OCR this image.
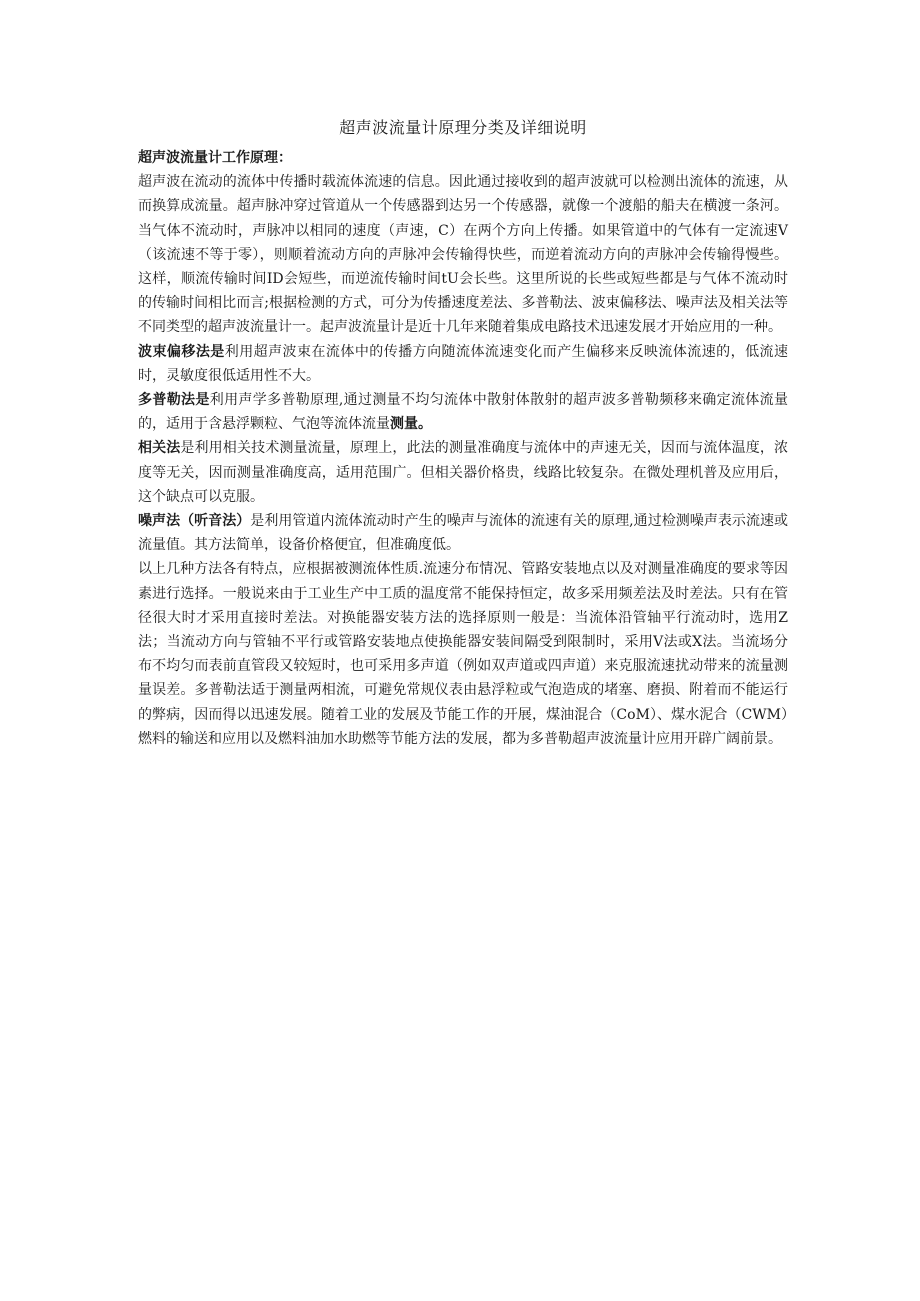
超声波流量计原理分类及详细说明

超声波流量计工作原理：

超声波在流动的流体中传播时载流体流速的信息。因此通过接收到的超声波就可以检测出流体的流速，从而换算成流量。超声脉冲穿过管道从一个传感器到达另一个传感器，就像一个渡船的船夫在横渡一条河。当气体不流动时，声脉冲以相同的速度（声速，C）在两个方向上传播。如果管道中的气体有一定流速V（该流速不等于零），则顺着流动方向的声脉冲会传输得快些，而逆着流动方向的声脉冲会传输得慢些。这样，顺流传输时间ID会短些，而逆流传输时间tU会长些。这里所说的长些或短些都是与气体不流动时的传输时间相比而言;根据检测的方式，可分为传播速度差法、多普勒法、波束偏移法、噪声法及相关法等不同类型的超声波流量计一。起声波流量计是近十几年来随着集成电路技术迅速发展才开始应用的一种。

波束偏移法是利用超声波束在流体中的传播方向随流体流速变化而产生偏移来反映流体流速的，低流速时，灵敏度很低适用性不大。

多普勒法是利用声学多普勒原理,通过测量不均匀流体中散射体散射的超声波多普勒频移来确定流体流量的，适用于含悬浮颗粒、气泡等流体流量测量。

相关法是利用相关技术测量流量，原理上，此法的测量准确度与流体中的声速无关，因而与流体温度，浓度等无关，因而测量准确度高，适用范围广。但相关器价格贵，线路比较复杂。在微处理机普及应用后，这个缺点可以克服。

噪声法（听音法）是利用管道内流体流动时产生的噪声与流体的流速有关的原理,通过检测噪声表示流速或流量值。其方法简单，设备价格便宜，但准确度低。

以上几种方法各有特点，应根据被测流体性质.流速分布情况、管路安装地点以及对测量准确度的要求等因素进行选择。一般说来由于工业生产中工质的温度常不能保持恒定，故多采用频差法及时差法。只有在管径很大时才采用直接时差法。对换能器安装方法的选择原则一般是：当流体沿管轴平行流动时，选用Z法；当流动方向与管轴不平行或管路安装地点使换能器安装间隔受到限制时，采用V法或X法。当流场分布不均匀而表前直管段又较短时，也可采用多声道（例如双声道或四声道）来克服流速扰动带来的流量测量误差。多普勒法适于测量两相流，可避免常规仪表由悬浮粒或气泡造成的堵塞、磨损、附着而不能运行的弊病，因而得以迅速发展。随着工业的发展及节能工作的开展，煤油混合（CoM）、煤水泥合（CWM）燃料的输送和应用以及燃料油加水助燃等节能方法的发展，都为多普勒超声波流量计应用开辟广阔前景。
